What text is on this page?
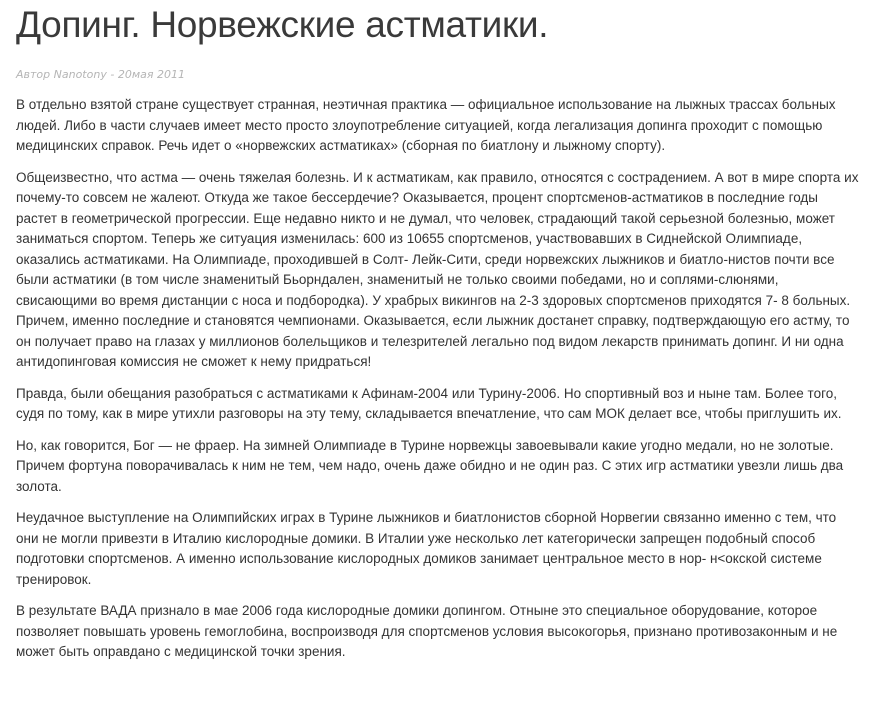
Допинг. Норвежские астматики.
Автор Nanotony - 20мая 2011

В отдельно взятой стране существует странная, неэтичная практика — официальное использование на лыжных трассах больных людей. Либо в части случаев имеет место просто злоупотребление ситуацией, когда легализация допинга проходит с помощью медицинских справок. Речь идет о «норвежских астматиках» (сборная по биатлону и лыжному спорту).

Общеизвестно, что астма — очень тяжелая болезнь. И к астматикам, как правило, относятся с сострадением. А вот в мире спорта их почему-то совсем не жалеют. Откуда же такое бессердечие? Оказывается, процент спортсменов-астматиков в последние годы растет в геометрической прогрессии. Еще недавно никто и не думал, что человек, страдающий такой серьезной болезнью, может заниматься спортом. Теперь же ситуация изменилась: 600 из 10655 спортсменов, участвовавших в Сиднейской Олимпиаде, оказались астматиками. На Олимпиаде, проходившей в Солт- Лейк-Сити, среди норвежских лыжников и биатло-нистов почти все были астматики (в том числе знаменитый Бьорндален, знаменитый не только своими победами, но и соплями-слюнями, свисающими во время дистанции с носа и подбородка). У храбрых викингов на 2-3 здоровых спортсменов приходятся 7- 8 больных. Причем, именно последние и становятся чемпионами. Оказывается, если лыжник достанет справку, подтверждающую его астму, то он получает право на глазах у миллионов болельщиков и телезрителей легально под видом лекарств принимать допинг. И ни одна антидопинговая комиссия не сможет к нему придраться!

Правда, были обещания разобраться с астматиками к Афинам-2004 или Турину-2006. Но спортивный воз и ныне там. Более того, судя по тому, как в мире утихли разговоры на эту тему, складывается впечатление, что сам МОК делает все, чтобы приглушить их.

Но, как говорится, Бог — не фраер. На зимней Олимпиаде в Турине норвежцы завоевывали какие угодно медали, но не золотые. Причем фортуна поворачивалась к ним не тем, чем надо, очень даже обидно и не один раз. С этих игр астматики увезли лишь два золота.

Неудачное выступление на Олимпийских играх в Турине лыжников и биатлонистов сборной Норвегии связанно именно с тем, что они не могли привезти в Италию кислородные домики. В Италии уже несколько лет категорически запрещен подобный способ подготовки спортсменов. А именно использование кислородных домиков занимает центральное место в нор- н<окской системе тренировок.

В результате ВАДА признало в мае 2006 года кислородные домики допингом. Отныне это специальное оборудование, которое позволяет повышать уровень гемоглобина, воспроизводя для спортсменов условия высокогорья, признано противозаконным и не может быть оправдано с медицинской точки зрения.
